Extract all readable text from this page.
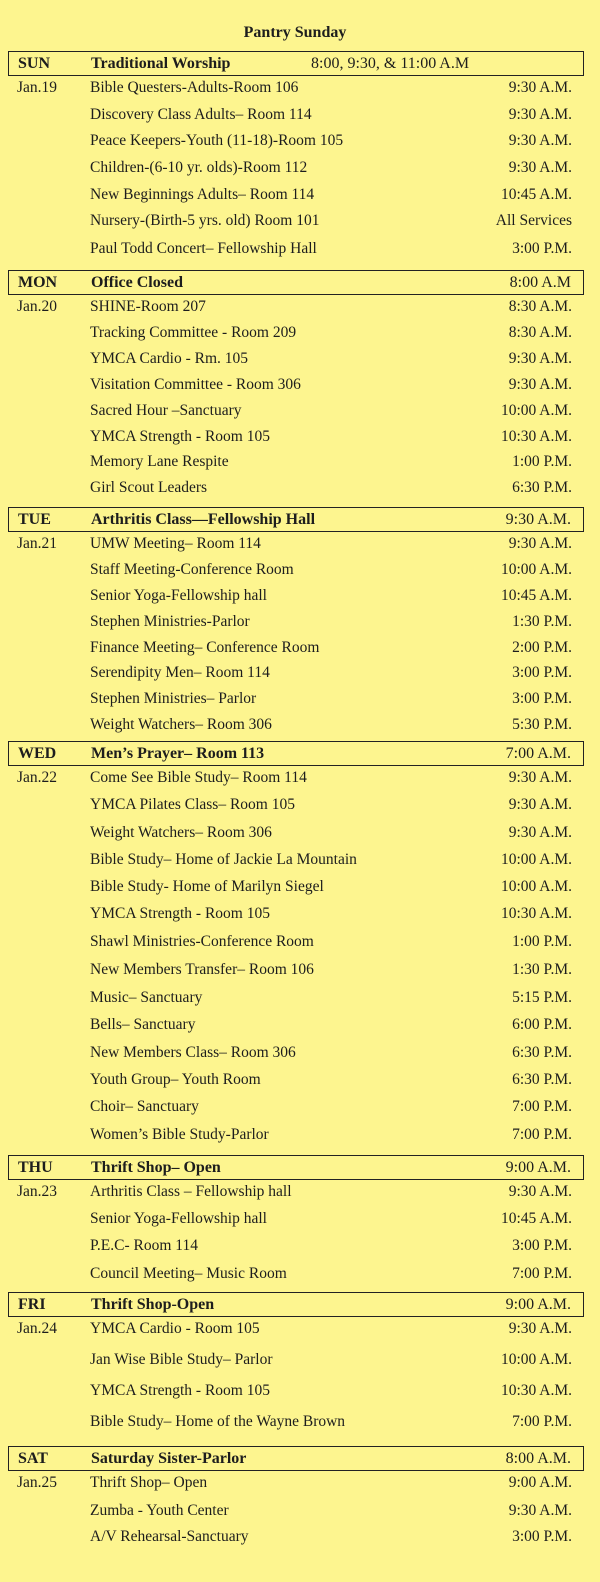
Pantry Sunday
SUN	Traditional Worship	8:00, 9:30, & 11:00 A.M
Jan.19 Bible Questers-Adults-Room 106	9:30 A.M.
Discovery Class Adults– Room 114	9:30 A.M.
Peace Keepers-Youth (11-18)-Room 105	9:30 A.M.
Children-(6-10 yr. olds)-Room 112	9:30 A.M.
New Beginnings Adults– Room 114	10:45 A.M.
Nursery-(Birth-5 yrs. old) Room 101	All Services
Paul Todd Concert– Fellowship Hall	3:00 P.M.
MON Office Closed	8:00 A.M
Jan.20 SHINE-Room 207	8:30 A.M.
Tracking Committee - Room 209	8:30 A.M.
YMCA Cardio - Rm. 105	9:30 A.M.
Visitation Committee - Room 306	9:30 A.M.
Sacred Hour –Sanctuary	10:00 A.M.
YMCA Strength - Room 105	10:30 A.M.
Memory Lane Respite	1:00 P.M.
Girl Scout Leaders	6:30 P.M.
TUE	Arthritis Class—Fellowship Hall	9:30 A.M.
Jan.21 UMW Meeting– Room 114	9:30 A.M.
Staff Meeting-Conference Room	10:00 A.M.
Senior Yoga-Fellowship hall	10:45 A.M.
Stephen Ministries-Parlor	1:30 P.M.
Finance Meeting– Conference Room	2:00 P.M.
Serendipity Men– Room 114	3:00 P.M.
Stephen Ministries– Parlor	3:00 P.M.
Weight Watchers– Room 306	5:30 P.M.
WED Men’s Prayer– Room 113	7:00 A.M.
Jan.22 Come See Bible Study– Room 114	9:30 A.M.
YMCA Pilates Class– Room 105	9:30 A.M.
Weight Watchers– Room 306	9:30 A.M.
Bible Study– Home of Jackie La Mountain	10:00 A.M.
Bible Study- Home of Marilyn Siegel	10:00 A.M.
YMCA Strength - Room 105	10:30 A.M.
Shawl Ministries-Conference Room	1:00 P.M.
New Members Transfer– Room 106	1:30 P.M.
Music– Sanctuary	5:15 P.M.
Bells– Sanctuary	6:00 P.M.
New Members Class– Room 306	6:30 P.M.
Youth Group– Youth Room	6:30 P.M.
Choir– Sanctuary	7:00 P.M.
Women’s Bible Study-Parlor	7:00 P.M.
THU Thrift Shop– Open	9:00 A.M.
Jan.23 Arthritis Class – Fellowship hall	9:30 A.M.
Senior Yoga-Fellowship hall	10:45 A.M.
P.E.C- Room 114	3:00 P.M.
Council Meeting– Music Room	7:00 P.M.
FRI	Thrift Shop-Open	9:00 A.M.
Jan.24 YMCA Cardio - Room 105	9:30 A.M.
Jan Wise Bible Study– Parlor	10:00 A.M.
YMCA Strength - Room 105	10:30 A.M.
Bible Study– Home of the Wayne Brown	7:00 P.M.
SAT	Saturday Sister-Parlor	8:00 A.M.
Jan.25 Thrift Shop– Open	9:00 A.M.
Zumba - Youth Center	9:30 A.M.
A/V Rehearsal-Sanctuary	3:00 P.M.
